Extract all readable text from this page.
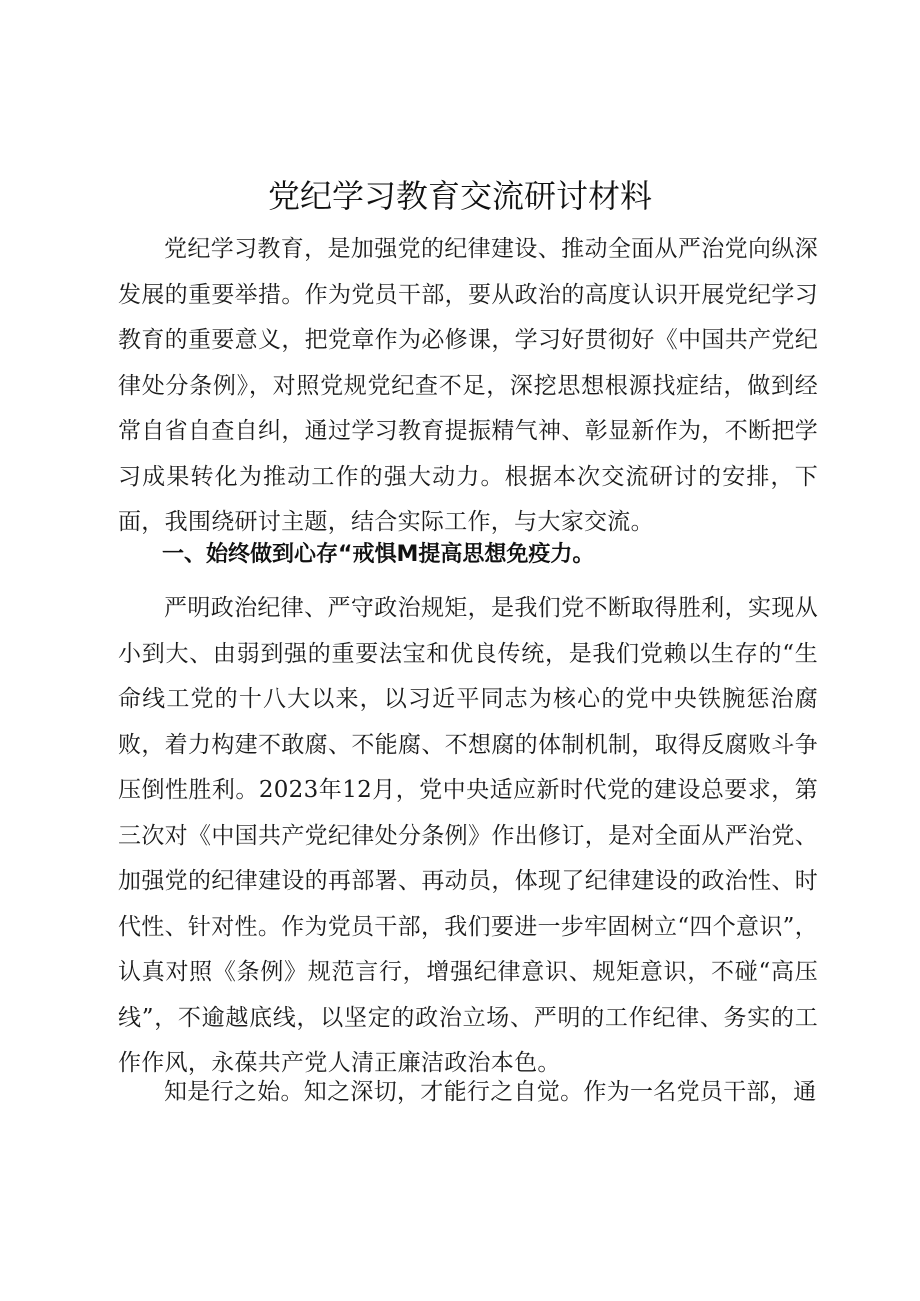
党纪学习教育交流研讨材料

党纪学习教育，是加强党的纪律建设、推动全面从严治党向纵深发展的重要举措。作为党员干部，要从政治的高度认识开展党纪学习教育的重要意义，把党章作为必修课，学习好贯彻好《中国共产党纪律处分条例》，对照党规党纪查不足，深挖思想根源找症结，做到经常自省自查自纠，通过学习教育提振精气神、彰显新作为，不断把学习成果转化为推动工作的强大动力。根据本次交流研讨的安排，下面，我围绕研讨主题，结合实际工作，与大家交流。

一、始终做到心存“戒惧M提高思想免疫力。

严明政治纪律、严守政治规矩，是我们党不断取得胜利，实现从小到大、由弱到强的重要法宝和优良传统，是我们党赖以生存的“生命线工党的十八大以来，以习近平同志为核心的党中央铁腕惩治腐败，着力构建不敢腐、不能腐、不想腐的体制机制，取得反腐败斗争压倒性胜利。2023年12月，党中央适应新时代党的建设总要求，第三次对《中国共产党纪律处分条例》作出修订，是对全面从严治党、加强党的纪律建设的再部署、再动员，体现了纪律建设的政治性、时代性、针对性。作为党员干部，我们要进一步牢固树立“四个意识”，认真对照《条例》规范言行，增强纪律意识、规矩意识，不碰“高压线”，不逾越底线，以坚定的政治立场、严明的工作纪律、务实的工作作风，永葆共产党人清正廉洁政治本色。

知是行之始。知之深切，才能行之自觉。作为一名党员干部，通
